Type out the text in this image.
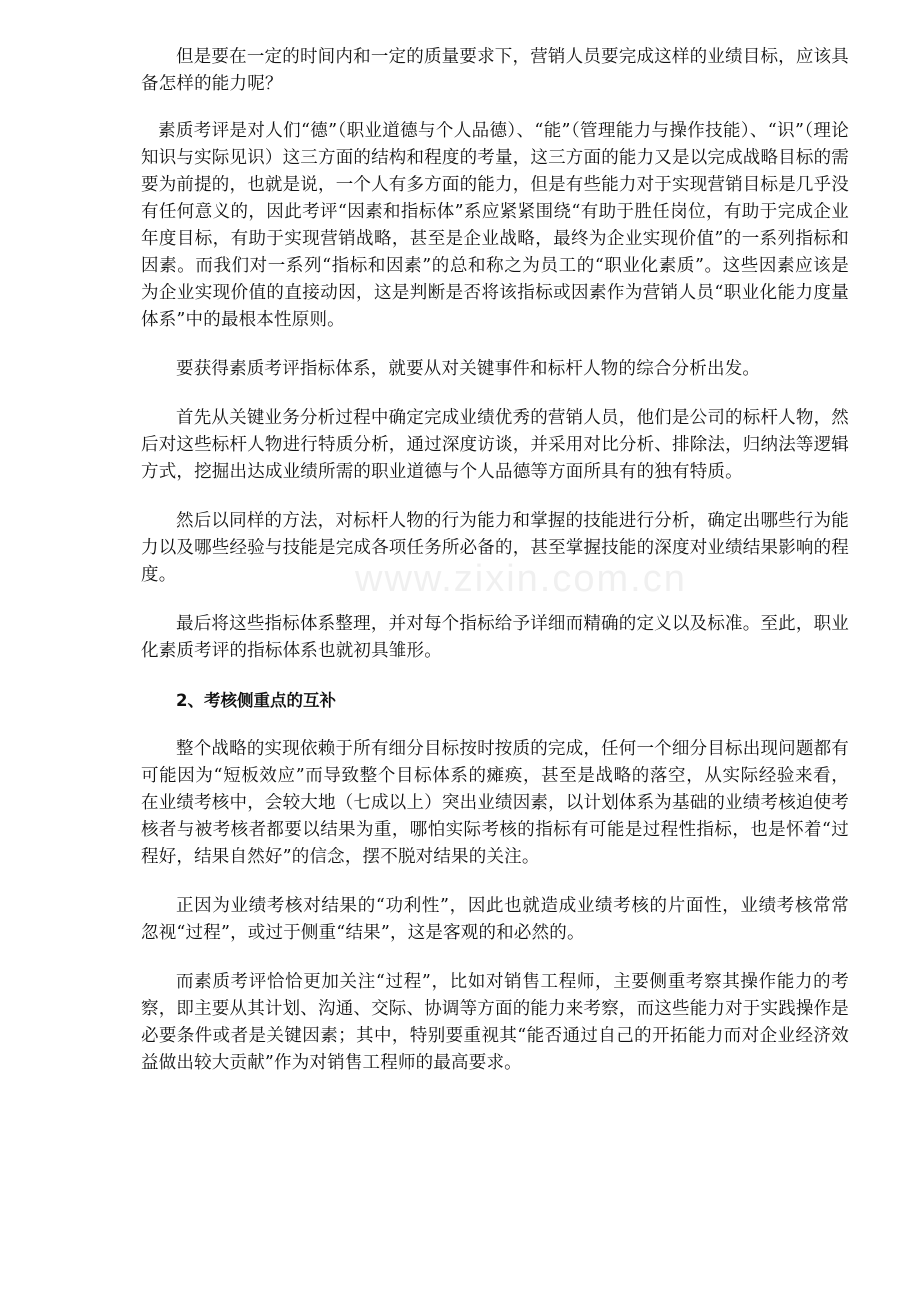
但是要在一定的时间内和一定的质量要求下，营销人员要完成这样的业绩目标，应该具备怎样的能力呢？

素质考评是对人们“德”（职业道德与个人品德）、“能”（管理能力与操作技能）、“识”（理论知识与实际见识）这三方面的结构和程度的考量，这三方面的能力又是以完成战略目标的需要为前提的，也就是说，一个人有多方面的能力，但是有些能力对于实现营销目标是几乎没有任何意义的，因此考评“因素和指标体”系应紧紧围绕“有助于胜任岗位，有助于完成企业年度目标，有助于实现营销战略，甚至是企业战略，最终为企业实现价值”的一系列指标和因素。而我们对一系列“指标和因素”的总和称之为员工的“职业化素质”。这些因素应该是为企业实现价值的直接动因，这是判断是否将该指标或因素作为营销人员“职业化能力度量体系”中的最根本性原则。

要获得素质考评指标体系，就要从对关键事件和标杆人物的综合分析出发。

首先从关键业务分析过程中确定完成业绩优秀的营销人员，他们是公司的标杆人物，然后对这些标杆人物进行特质分析，通过深度访谈，并采用对比分析、排除法，归纳法等逻辑方式，挖掘出达成业绩所需的职业道德与个人品德等方面所具有的独有特质。

然后以同样的方法，对标杆人物的行为能力和掌握的技能进行分析，确定出哪些行为能力以及哪些经验与技能是完成各项任务所必备的，甚至掌握技能的深度对业绩结果影响的程度。

最后将这些指标体系整理，并对每个指标给予详细而精确的定义以及标准。至此，职业化素质考评的指标体系也就初具雏形。

2、考核侧重点的互补

整个战略的实现依赖于所有细分目标按时按质的完成，任何一个细分目标出现问题都有可能因为“短板效应”而导致整个目标体系的瘫痪，甚至是战略的落空，从实际经验来看，在业绩考核中，会较大地（七成以上）突出业绩因素，以计划体系为基础的业绩考核迫使考核者与被考核者都要以结果为重，哪怕实际考核的指标有可能是过程性指标，也是怀着“过程好，结果自然好”的信念，摆不脱对结果的关注。

正因为业绩考核对结果的“功利性”，因此也就造成业绩考核的片面性，业绩考核常常忽视“过程”，或过于侧重“结果”，这是客观的和必然的。

而素质考评恰恰更加关注“过程”，比如对销售工程师，主要侧重考察其操作能力的考察，即主要从其计划、沟通、交际、协调等方面的能力来考察，而这些能力对于实践操作是必要条件或者是关键因素；其中，特别要重视其“能否通过自己的开拓能力而对企业经济效益做出较大贡献”作为对销售工程师的最高要求。

www.zixin.com.cn
